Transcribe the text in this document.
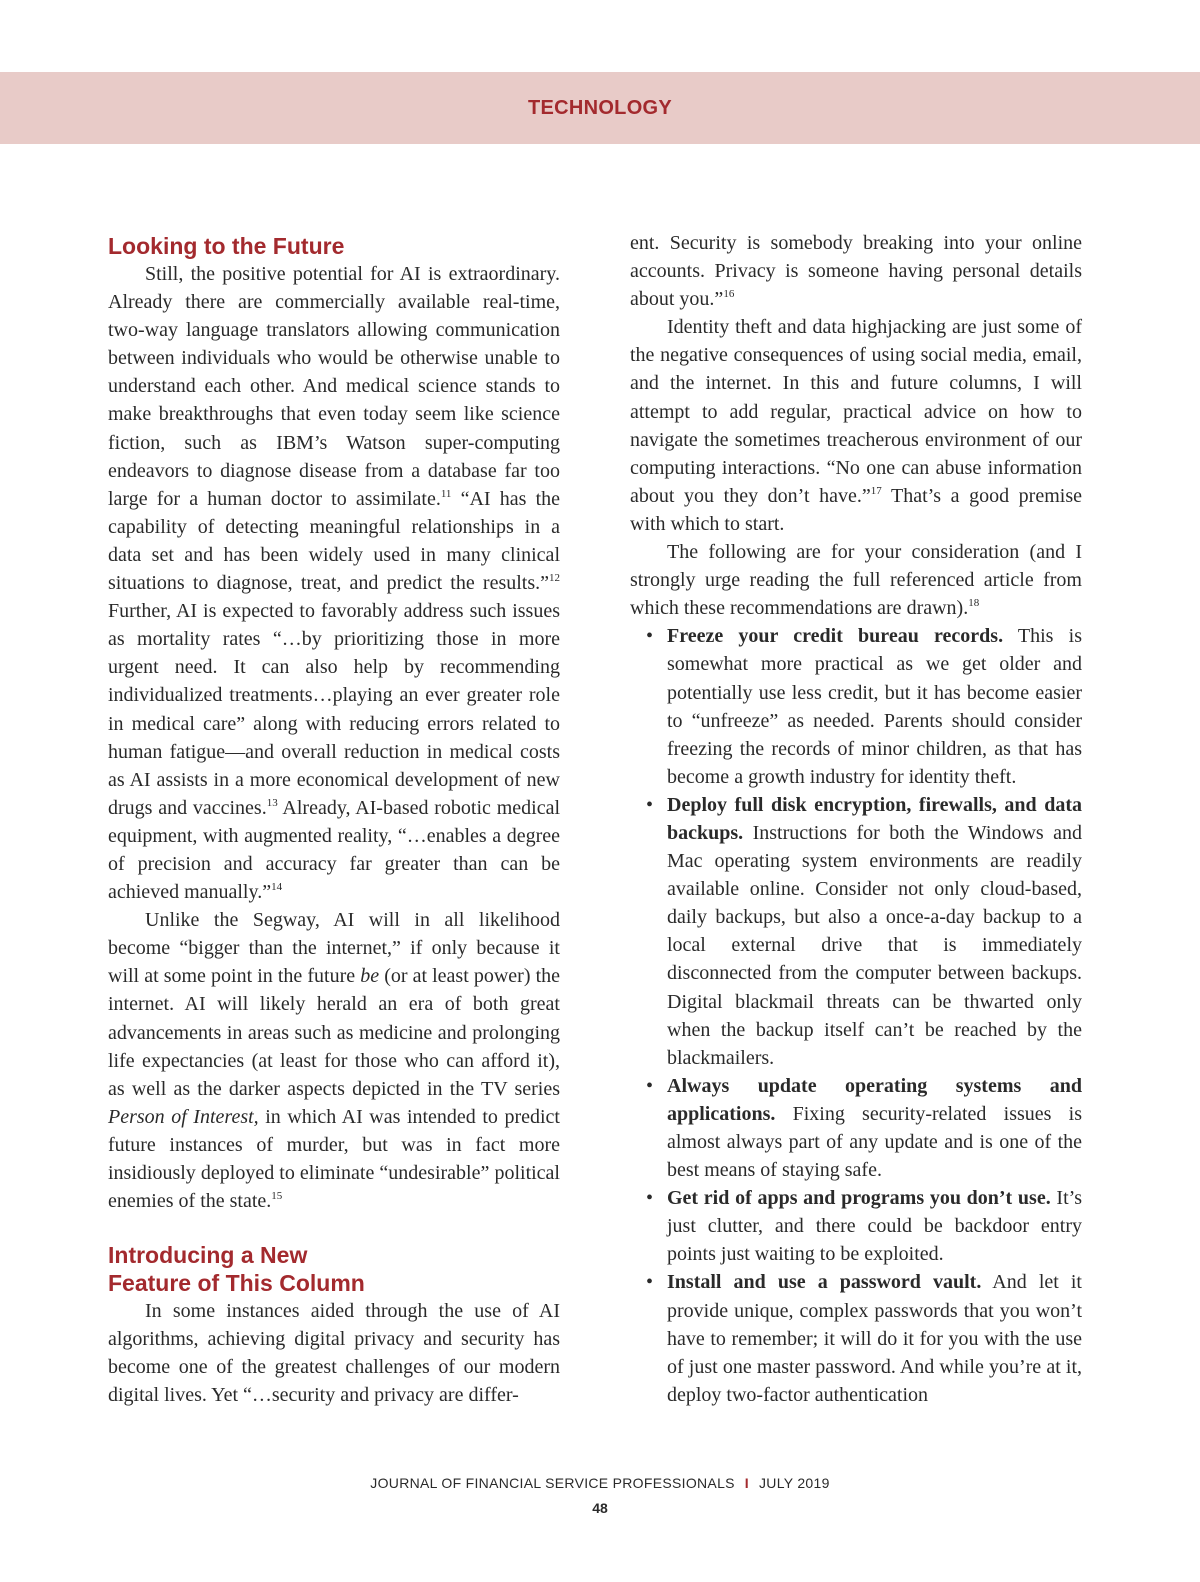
TECHNOLOGY
Looking to the Future

Still, the positive potential for AI is extraordinary. Already there are commercially available real-time, two-way language translators allowing communication between individuals who would be otherwise unable to understand each other. And medical science stands to make breakthroughs that even today seem like science fiction, such as IBM’s Watson super-computing endeavors to diagnose disease from a database far too large for a human doctor to assimilate.$^{11}$ “AI has the capability of detecting meaningful relationships in a data set and has been widely used in many clinical situations to diagnose, treat, and predict the results.”$^{12}$ Further, AI is expected to favorably address such issues as mortality rates “…by prioritizing those in more urgent need. It can also help by recommending individualized treatments…playing an ever greater role in medical care” along with reducing errors related to human fatigue—and overall reduction in medical costs as AI assists in a more economical development of new drugs and vaccines.$^{13}$ Already, AI-based robotic medical equipment, with augmented reality, “…enables a degree of precision and accuracy far greater than can be achieved manually.”$^{14}$

Unlike the Segway, AI will in all likelihood become “bigger than the internet,” if only because it will at some point in the future be (or at least power) the internet. AI will likely herald an era of both great advancements in areas such as medicine and prolonging life expectancies (at least for those who can afford it), as well as the darker aspects depicted in the TV series Person of Interest, in which AI was intended to predict future instances of murder, but was in fact more insidiously deployed to eliminate “undesirable” political enemies of the state.$^{15}$

Introducing a New
Feature of This Column

In some instances aided through the use of AI algorithms, achieving digital privacy and security has become one of the greatest challenges of our modern digital lives. Yet “…security and privacy are differ-

ent. Security is somebody breaking into your online accounts. Privacy is someone having personal details about you.”$^{16}$

Identity theft and data highjacking are just some of the negative consequences of using social media, email, and the internet. In this and future columns, I will attempt to add regular, practical advice on how to navigate the sometimes treacherous environment of our computing interactions. “No one can abuse information about you they don’t have.”$^{17}$ That’s a good premise with which to start.

The following are for your consideration (and I strongly urge reading the full referenced article from which these recommendations are drawn).$^{18}$

• Freeze your credit bureau records. This is somewhat more practical as we get older and potentially use less credit, but it has become easier to “unfreeze” as needed. Parents should consider freezing the records of minor children, as that has become a growth industry for identity theft.
• Deploy full disk encryption, firewalls, and data backups. Instructions for both the Windows and Mac operating system environments are readily available online. Consider not only cloud-based, daily backups, but also a once-a-day backup to a local external drive that is immediately disconnected from the computer between backups. Digital blackmail threats can be thwarted only when the backup itself can’t be reached by the blackmailers.
• Always update operating systems and applications. Fixing security-related issues is almost always part of any update and is one of the best means of staying safe.
• Get rid of apps and programs you don’t use. It’s just clutter, and there could be backdoor entry points just waiting to be exploited.
• Install and use a password vault. And let it provide unique, complex passwords that you won’t have to remember; it will do it for you with the use of just one master password. And while you’re at it, deploy two-factor authentication
JOURNAL OF FINANCIAL SERVICE PROFESSIONALS I JULY 2019
48
